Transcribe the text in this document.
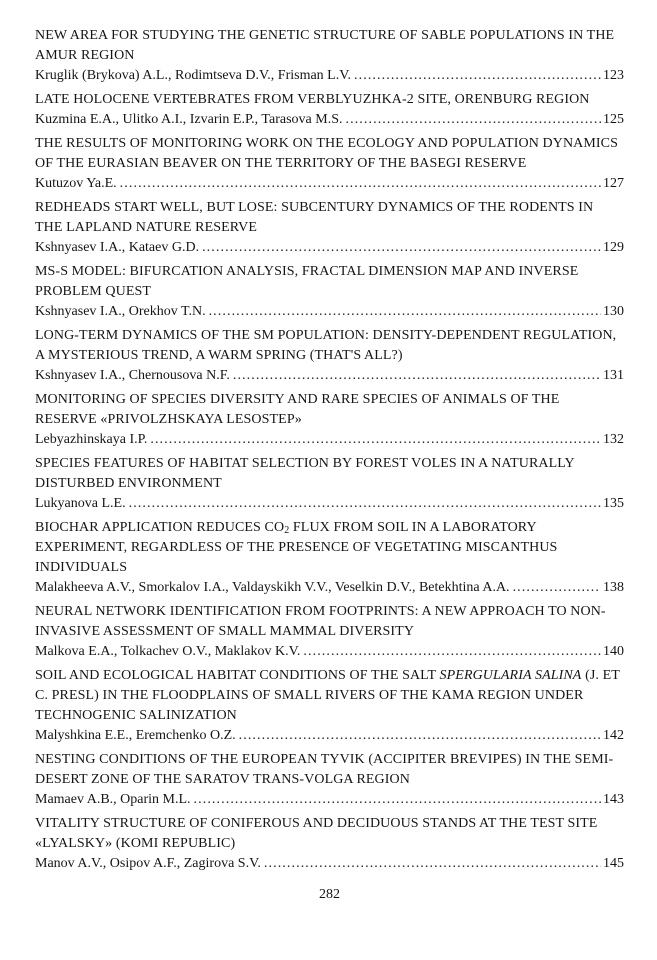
NEW AREA FOR STUDYING THE GENETIC STRUCTURE OF SABLE POPULATIONS IN THE AMUR REGION
Kruglik (Brykova) A.L., Rodimtseva D.V., Frisman L.V. .....	123
LATE HOLOCENE VERTEBRATES FROM VERBLYUZHKA-2 SITE, ORENBURG REGION
Kuzmina E.A., Ulitko A.I., Izvarin E.P., Tarasova M.S. .....	125
THE RESULTS OF MONITORING WORK ON THE ECOLOGY AND POPULATION DYNAMICS OF THE EURASIAN BEAVER ON THE TERRITORY OF THE BASEGI RESERVE
Kutuzov Ya.E. .....	127
REDHEADS START WELL, BUT LOSE: SUBCENTURY DYNAMICS OF THE RODENTS IN THE LAPLAND NATURE RESERVE
Kshnyasev I.A., Kataev G.D. .....	129
MS-S MODEL: BIFURCATION ANALYSIS, FRACTAL DIMENSION MAP AND INVERSE PROBLEM QUEST
Kshnyasev I.A., Orekhov T.N. .....	130
LONG-TERM DYNAMICS OF THE SM POPULATION: DENSITY-DEPENDENT REGULATION, A MYSTERIOUS TREND, A WARM SPRING (THAT'S ALL?)
Kshnyasev I.A., Chernousova N.F. .....	131
MONITORING OF SPECIES DIVERSITY AND RARE SPECIES OF ANIMALS OF THE RESERVE «PRIVOLZHSKAYA LESOSTEP»
Lebyazhinskaya I.P. .....	132
SPECIES FEATURES OF HABITAT SELECTION BY FOREST VOLES IN A NATURALLY DISTURBED ENVIRONMENT
Lukyanova L.E. .....	135
BIOCHAR APPLICATION REDUCES $CO_2$ FLUX FROM SOIL IN A LABORATORY EXPERIMENT, REGARDLESS OF THE PRESENCE OF VEGETATING MISCANTHUS INDIVIDUALS
Malakheeva A.V., Smorkalov I.A., Valdayskikh V.V., Veselkin D.V., Betekhtina A.A. .....	138
NEURAL NETWORK IDENTIFICATION FROM FOOTPRINTS: A NEW APPROACH TO NON-INVASIVE ASSESSMENT OF SMALL MAMMAL DIVERSITY
Malkova E.A., Tolkachev O.V., Maklakov K.V. .....	140
SOIL AND ECOLOGICAL HABITAT CONDITIONS OF THE SALT SPERGULARIA SALINA (J. ET C. PRESL) IN THE FLOODPLAINS OF SMALL RIVERS OF THE KAMA REGION UNDER TECHNOGENIC SALINIZATION
Malyshkina E.E., Eremchenko O.Z. .....	142
NESTING CONDITIONS OF THE EUROPEAN TYVIK (ACCIPITER BREVIPES) IN THE SEMI-DESERT ZONE OF THE SARATOV TRANS-VOLGA REGION
Mamaev A.B., Oparin M.L. .....	143
VITALITY STRUCTURE OF CONIFEROUS AND DECIDUOUS STANDS AT THE TEST SITE «LYALSKY» (KOMI REPUBLIC)
Manov A.V., Osipov A.F., Zagirova S.V. .....	145
282
